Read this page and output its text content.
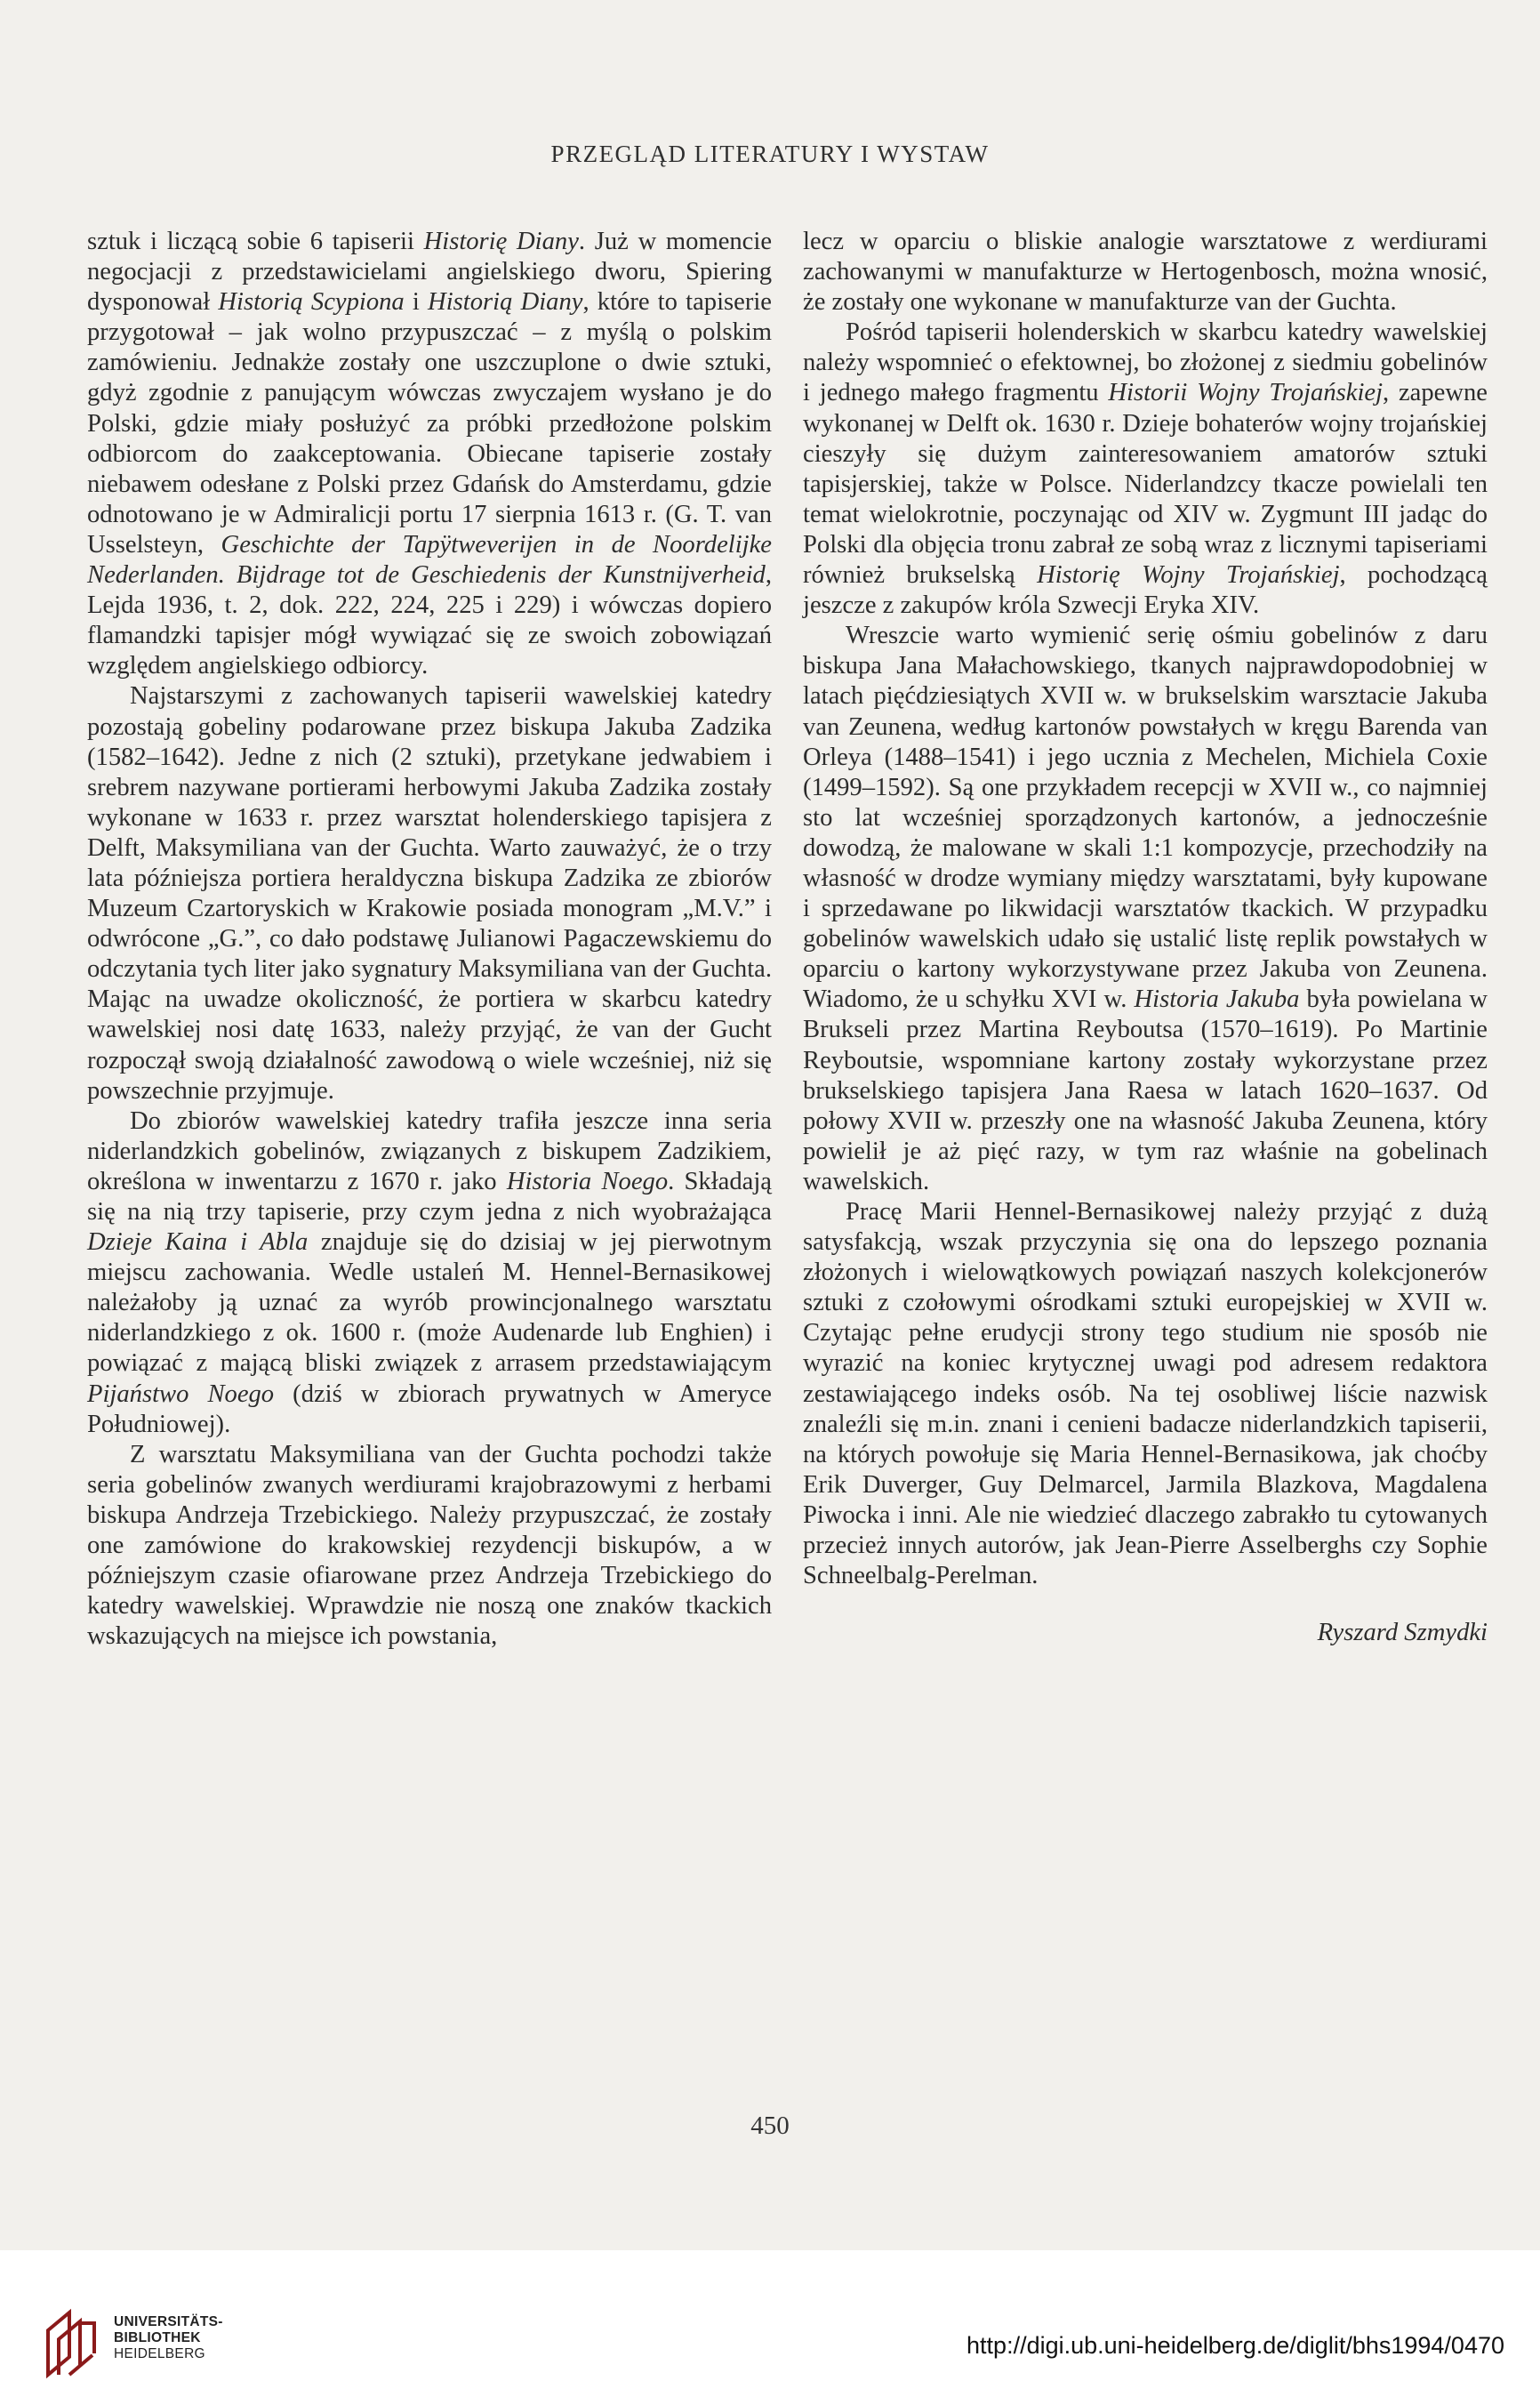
PRZEGLĄD LITERATURY I WYSTAW

sztuk i liczącą sobie 6 tapiserii Historię Diany. Już w momencie negocjacji z przedstawicielami angielskiego dworu, Spiering dysponował Historią Scypiona i Historią Diany, które to tapiserie przygotował – jak wolno przypuszczać – z myślą o polskim zamówieniu. Jednakże zostały one uszczuplone o dwie sztuki, gdyż zgodnie z panującym wówczas zwyczajem wysłano je do Polski, gdzie miały posłużyć za próbki przedłożone polskim odbiorcom do zaakceptowania. Obiecane tapiserie zostały niebawem odesłane z Polski przez Gdańsk do Amsterdamu, gdzie odnotowano je w Admiralicji portu 17 sierpnia 1613 r. (G. T. van Usselsteyn, Geschichte der Tapÿtweverijen in de Noordelijke Nederlanden. Bijdrage tot de Geschiedenis der Kunstnijverheid, Lejda 1936, t. 2, dok. 222, 224, 225 i 229) i wówczas dopiero flamandzki tapisjer mógł wywiązać się ze swoich zobowiązań względem angielskiego odbiorcy.

Najstarszymi z zachowanych tapiserii wawelskiej katedry pozostają gobeliny podarowane przez biskupa Jakuba Zadzika (1582–1642). Jedne z nich (2 sztuki), przetykane jedwabiem i srebrem nazywane portierami herbowymi Jakuba Zadzika zostały wykonane w 1633 r. przez warsztat holenderskiego tapisjera z Delft, Maksymiliana van der Guchta. Warto zauważyć, że o trzy lata późniejsza portiera heraldyczna biskupa Zadzika ze zbiorów Muzeum Czartoryskich w Krakowie posiada monogram „M.V.” i odwrócone „G.”, co dało podstawę Julianowi Pagaczewskiemu do odczytania tych liter jako sygnatury Maksymiliana van der Guchta. Mając na uwadze okoliczność, że portiera w skarbcu katedry wawelskiej nosi datę 1633, należy przyjąć, że van der Gucht rozpoczął swoją działalność zawodową o wiele wcześniej, niż się powszechnie przyjmuje.

Do zbiorów wawelskiej katedry trafiła jeszcze inna seria niderlandzkich gobelinów, związanych z biskupem Zadzikiem, określona w inwentarzu z 1670 r. jako Historia Noego. Składają się na nią trzy tapiserie, przy czym jedna z nich wyobrażająca Dzieje Kaina i Abla znajduje się do dzisiaj w jej pierwotnym miejscu zachowania. Wedle ustaleń M. Hennel-Bernasikowej należałoby ją uznać za wyrób prowincjonalnego warsztatu niderlandzkiego z ok. 1600 r. (może Audenarde lub Enghien) i powiązać z mającą bliski związek z arrasem przedstawiającym Pijaństwo Noego (dziś w zbiorach prywatnych w Ameryce Południowej).

Z warsztatu Maksymiliana van der Guchta pochodzi także seria gobelinów zwanych werdiurami krajobrazowymi z herbami biskupa Andrzeja Trzebickiego. Należy przypuszczać, że zostały one zamówione do krakowskiej rezydencji biskupów, a w późniejszym czasie ofiarowane przez Andrzeja Trzebickiego do katedry wawelskiej. Wprawdzie nie noszą one znaków tkackich wskazujących na miejsce ich powstania,

lecz w oparciu o bliskie analogie warsztatowe z werdiurami zachowanymi w manufakturze w Hertogenbosch, można wnosić, że zostały one wykonane w manufakturze van der Guchta.

Pośród tapiserii holenderskich w skarbcu katedry wawelskiej należy wspomnieć o efektownej, bo złożonej z siedmiu gobelinów i jednego małego fragmentu Historii Wojny Trojańskiej, zapewne wykonanej w Delft ok. 1630 r. Dzieje bohaterów wojny trojańskiej cieszyły się dużym zainteresowaniem amatorów sztuki tapisjerskiej, także w Polsce. Niderlandzcy tkacze powielali ten temat wielokrotnie, poczynając od XIV w. Zygmunt III jadąc do Polski dla objęcia tronu zabrał ze sobą wraz z licznymi tapiseriami również brukselską Historię Wojny Trojańskiej, pochodzącą jeszcze z zakupów króla Szwecji Eryka XIV.

Wreszcie warto wymienić serię ośmiu gobelinów z daru biskupa Jana Małachowskiego, tkanych najprawdopodobniej w latach pięćdziesiątych XVII w. w brukselskim warsztacie Jakuba van Zeunena, według kartonów powstałych w kręgu Barenda van Orleya (1488–1541) i jego ucznia z Mechelen, Michiela Coxie (1499–1592). Są one przykładem recepcji w XVII w., co najmniej sto lat wcześniej sporządzonych kartonów, a jednocześnie dowodzą, że malowane w skali 1:1 kompozycje, przechodziły na własność w drodze wymiany między warsztatami, były kupowane i sprzedawane po likwidacji warsztatów tkackich. W przypadku gobelinów wawelskich udało się ustalić listę replik powstałych w oparciu o kartony wykorzystywane przez Jakuba von Zeunena. Wiadomo, że u schyłku XVI w. Historia Jakuba była powielana w Brukseli przez Martina Reyboutsa (1570–1619). Po Martinie Reyboutsie, wspomniane kartony zostały wykorzystane przez brukselskiego tapisjera Jana Raesa w latach 1620–1637. Od połowy XVII w. przeszły one na własność Jakuba Zeunena, który powielił je aż pięć razy, w tym raz właśnie na gobelinach wawelskich.

Pracę Marii Hennel-Bernasikowej należy przyjąć z dużą satysfakcją, wszak przyczynia się ona do lepszego poznania złożonych i wielowątkowych powiązań naszych kolekcjonerów sztuki z czołowymi ośrodkami sztuki europejskiej w XVII w. Czytając pełne erudycji strony tego studium nie sposób nie wyrazić na koniec krytycznej uwagi pod adresem redaktora zestawiającego indeks osób. Na tej osobliwej liście nazwisk znaleźli się m.in. znani i cenieni badacze niderlandzkich tapiserii, na których powołuje się Maria Hennel-Bernasikowa, jak choćby Erik Duverger, Guy Delmarcel, Jarmila Blazkova, Magdalena Piwocka i inni. Ale nie wiedzieć dlaczego zabrakło tu cytowanych przecież innych autorów, jak Jean-Pierre Asselberghs czy Sophie Schneelbalg-Perelman.

Ryszard Szmydki

450
UNIVERSITÄTS-
BIBLIOTHEK
HEIDELBERG	http://digi.ub.uni-heidelberg.de/diglit/bhs1994/0470
